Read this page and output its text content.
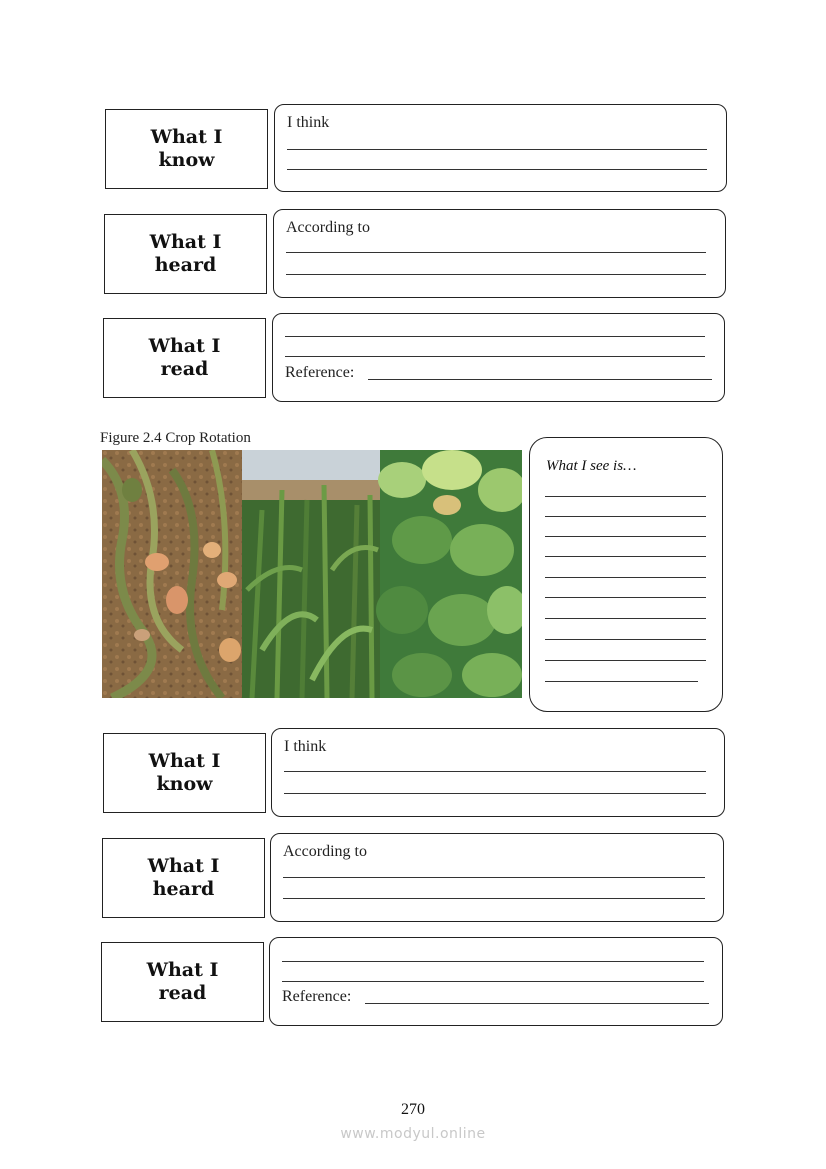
What I
know
I think
What I
heard
According to
What I
read	Reference:
Figure 2.4 Crop Rotation
What I see is…
What I
know
I think
What I
heard
According to
What I
read	Reference:
270
www.modyul.online
